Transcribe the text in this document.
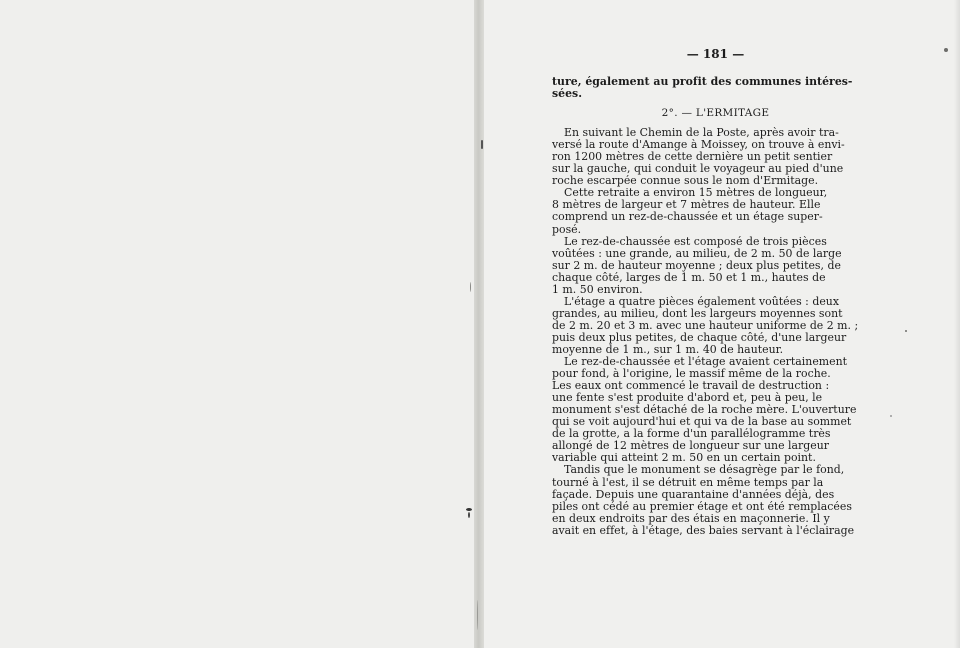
— 181 —

ture, également au profit des communes intéres-
sées.

2°. — L'ERMITAGE

En suivant le Chemin de la Poste, après avoir tra-
versé la route d'Amange à Moissey, on trouve à envi-
ron 1200 mètres de cette dernière un petit sentier
sur la gauche, qui conduit le voyageur au pied d'une
roche escarpée connue sous le nom d'Ermitage.

Cette retraite a environ 15 mètres de longueur,
8 mètres de largeur et 7 mètres de hauteur. Elle
comprend un rez-de-chaussée et un étage super-
posé.

Le rez-de-chaussée est composé de trois pièces
voûtées : une grande, au milieu, de 2 m. 50 de large
sur 2 m. de hauteur moyenne ; deux plus petites, de
chaque côté, larges de 1 m. 50 et 1 m., hautes de
1 m. 50 environ.

L'étage a quatre pièces également voûtées : deux
grandes, au milieu, dont les largeurs moyennes sont
de 2 m. 20 et 3 m. avec une hauteur uniforme de 2 m. ;
puis deux plus petites, de chaque côté, d'une largeur
moyenne de 1 m., sur 1 m. 40 de hauteur.

Le rez-de-chaussée et l'étage avaient certainement
pour fond, à l'origine, le massif même de la roche.
Les eaux ont commencé le travail de destruction :
une fente s'est produite d'abord et, peu à peu, le
monument s'est détaché de la roche mère. L'ouverture
qui se voit aujourd'hui et qui va de la base au sommet
de la grotte, a la forme d'un parallélogramme très
allongé de 12 mètres de longueur sur une largeur
variable qui atteint 2 m. 50 en un certain point.

Tandis que le monument se désagrège par le fond,
tourné à l'est, il se détruit en même temps par la
façade. Depuis une quarantaine d'années déjà, des
piles ont cédé au premier étage et ont été remplacées
en deux endroits par des étais en maçonnerie. Il y
avait en effet, à l'étage, des baies servant à l'éclairage
